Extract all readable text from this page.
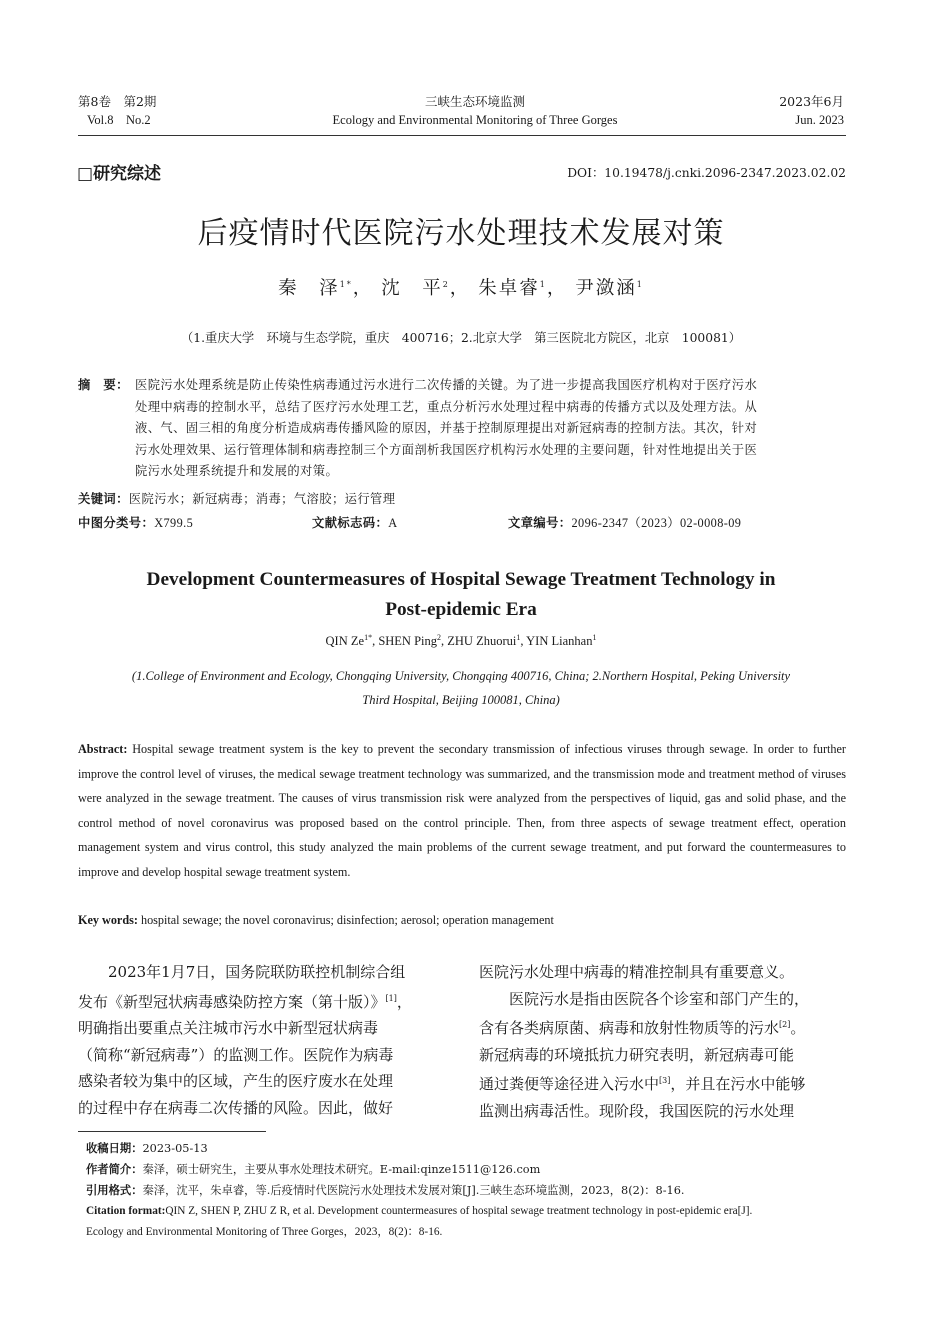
第8卷　第2期
Vol.8　No.2
三峡生态环境监测
Ecology and Environmental Monitoring of Three Gorges
2023年6月
Jun. 2023
□研究综述	DOI：10.19478/j.cnki.2096-2347.2023.02.02
后疫情时代医院污水处理技术发展对策
秦　泽$^{1*}$， 沈　平$^2$， 朱卓睿$^1$， 尹潋涵$^1$
（1.重庆大学　环境与生态学院，重庆　400716；2.北京大学　第三医院北方院区，北京　100081）
摘　要： 医院污水处理系统是防止传染性病毒通过污水进行二次传播的关键。为了进一步提高我国医疗机构对于医疗污水
处理中病毒的控制水平，总结了医疗污水处理工艺，重点分析污水处理过程中病毒的传播方式以及处理方法。从
液、气、固三相的角度分析造成病毒传播风险的原因，并基于控制原理提出对新冠病毒的控制方法。其次，针对
污水处理效果、运行管理体制和病毒控制三个方面剖析我国医疗机构污水处理的主要问题，针对性地提出关于医
院污水处理系统提升和发展的对策。
关键词：医院污水；新冠病毒；消毒；气溶胶；运行管理
中图分类号：X799.5	文献标志码：A	文章编号：2096-2347（2023）02-0008-09
Development Countermeasures of Hospital Sewage Treatment Technology in
Post-epidemic Era
QIN $Ze^{1*}$, SHEN Ping$^2$, ZHU Zhuorui$^1$, YIN Lianhan$^1$
(1.College of Environment and Ecology, Chongqing University, Chongqing 400716, China; 2.Northern Hospital, Peking University
Third Hospital, Beijing 100081, China)
Abstract: Hospital sewage treatment system is the key to prevent the secondary transmission of infectious viruses through sewage. In order to further improve the control level of viruses, the medical sewage treatment technology was summarized, and the transmission mode and treatment method of viruses were analyzed in the sewage treatment. The causes of virus transmission risk were analyzed from the perspectives of liquid, gas and solid phase, and the control method of novel coronavirus was proposed based on the control principle. Then, from three aspects of sewage treatment effect, operation management system and virus control, this study analyzed the main problems of the current sewage treatment, and put forward the countermeasures to improve and develop hospital sewage treatment system.
Key words: hospital sewage; the novel coronavirus; disinfection; aerosol; operation management
2023年1月7日，国务院联防联控机制综合组
发布《新型冠状病毒感染防控方案（第十版）》[1]，
明确指出要重点关注城市污水中新型冠状病毒
（简称“新冠病毒”）的监测工作。医院作为病毒
感染者较为集中的区域，产生的医疗废水在处理
的过程中存在病毒二次传播的风险。因此，做好
医院污水处理中病毒的精准控制具有重要意义。
医院污水是指由医院各个诊室和部门产生的，
含有各类病原菌、病毒和放射性物质等的污水[2]。
新冠病毒的环境抵抗力研究表明，新冠病毒可能
通过粪便等途径进入污水中[3]，并且在污水中能够
监测出病毒活性。现阶段，我国医院的污水处理
收稿日期：2023-05-13
作者简介：秦泽，硕士研究生，主要从事水处理技术研究。E-mail:qinze1511@126.com
引用格式：秦泽，沈平，朱卓睿，等.后疫情时代医院污水处理技术发展对策[J].三峡生态环境监测，2023，8(2)：8-16.
Citation format:QIN Z, SHEN P, ZHU Z R, et al. Development countermeasures of hospital sewage treatment technology in post-epidemic era[J].
Ecology and Environmental Monitoring of Three Gorges，2023，8(2)：8-16.
